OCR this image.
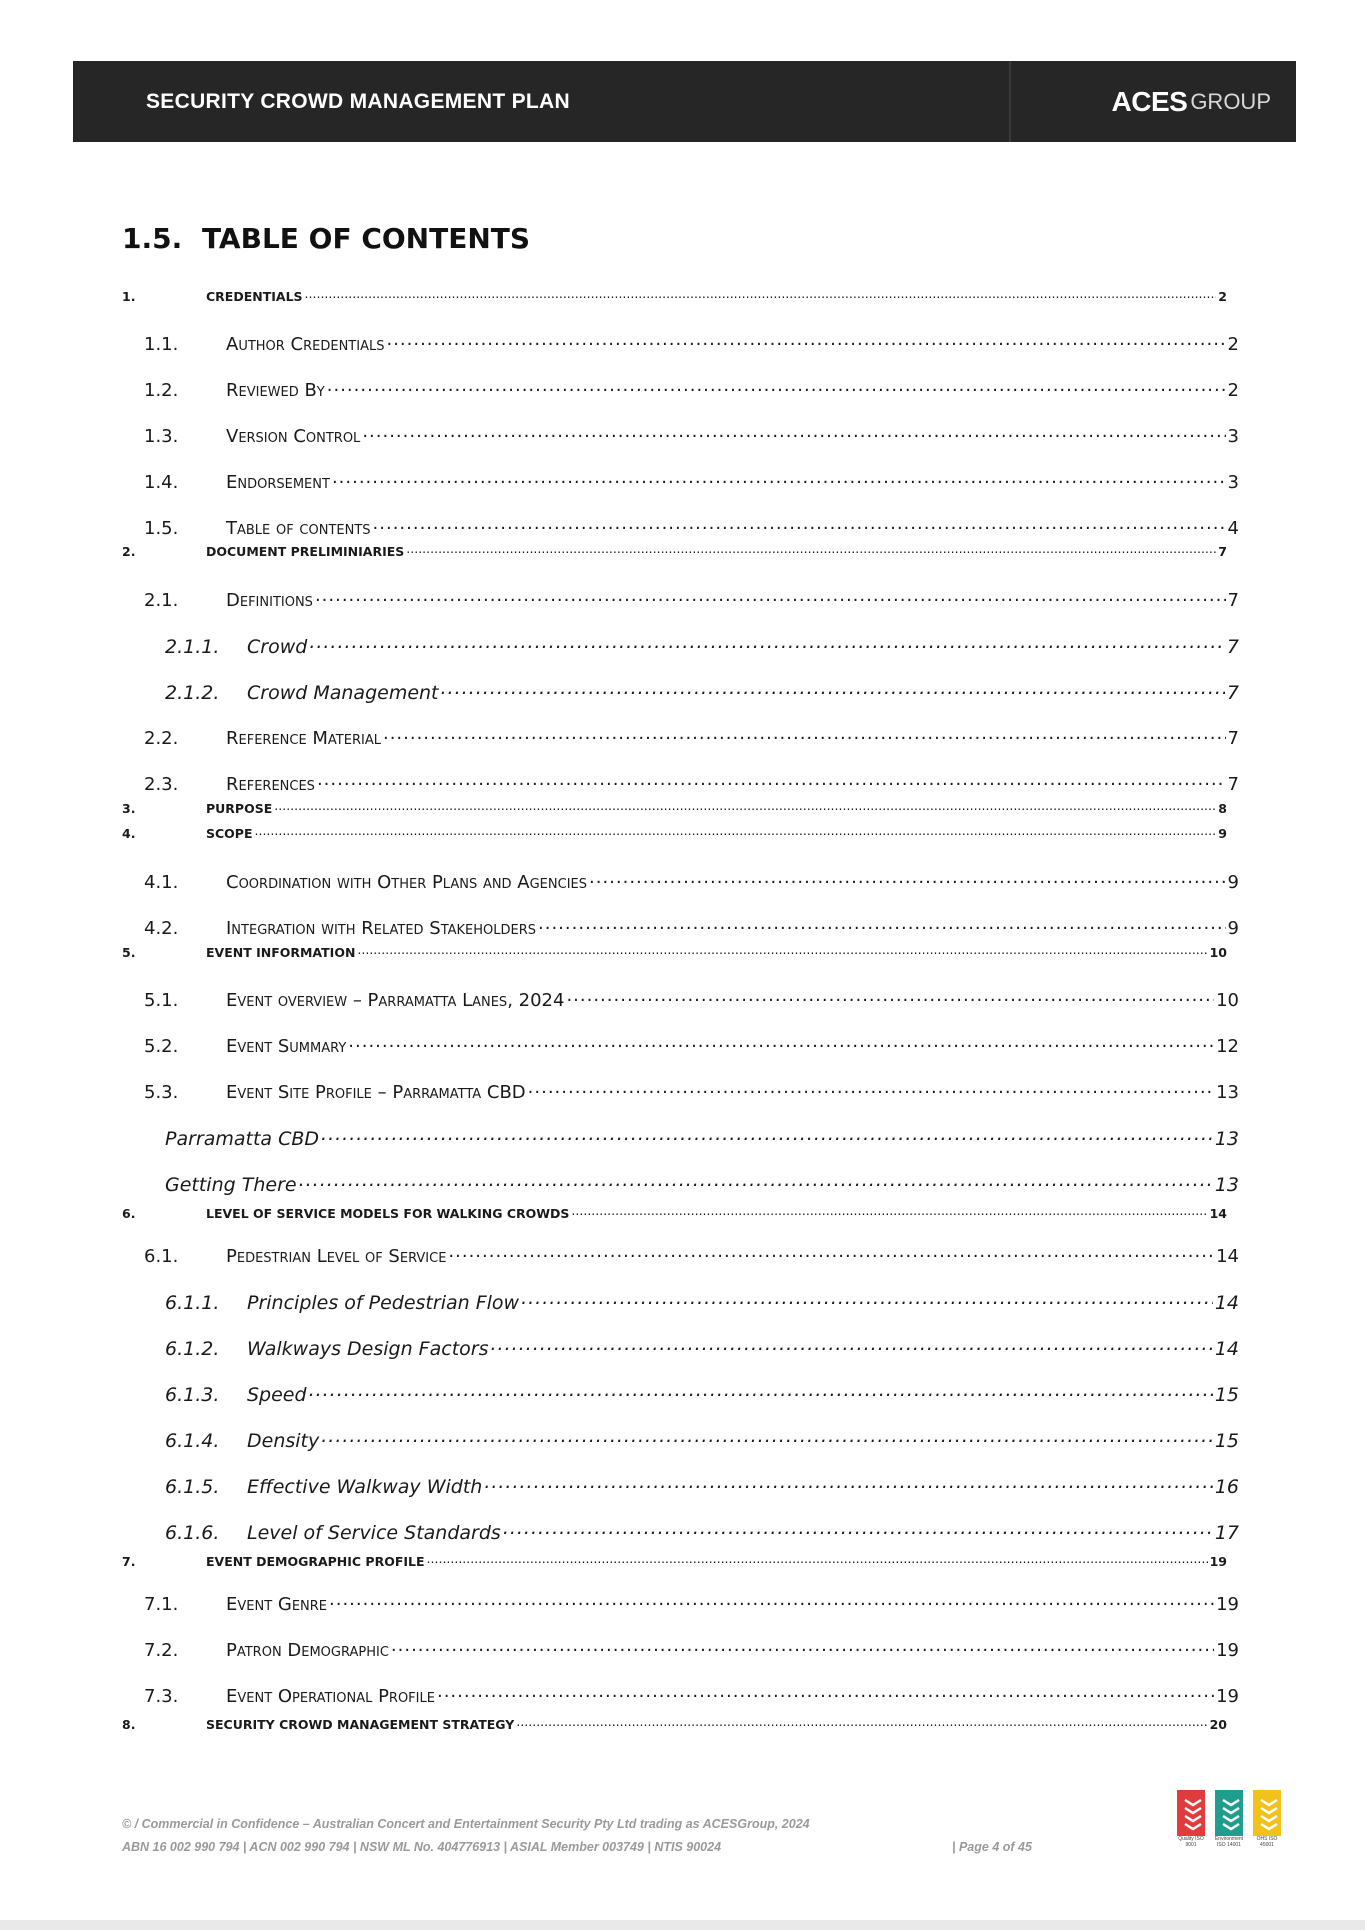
SECURITY CROWD MANAGEMENT PLAN	ACES GROUP
1.5. TABLE OF CONTENTS
1.	CREDENTIALS .....	2
1.1.	Author Credentials .....	2
1.2.	Reviewed By .....	2
1.3.	Version Control .....	3
1.4.	Endorsement .....	3
1.5.	Table of contents .....	4
2.	DOCUMENT PRELIMINIARIES .....	7
2.1.	Definitions .....	7
2.1.1.	Crowd .....	7
2.1.2.	Crowd Management .....	7
2.2.	Reference Material .....	7
2.3.	References .....	7
3.	PURPOSE .....	8
4.	SCOPE .....	9
4.1.	Coordination with Other Plans and Agencies .....	9
4.2.	Integration with Related Stakeholders .....	9
5.	EVENT INFORMATION .....	10
5.1.	Event overview – Parramatta Lanes, 2024 .....	10
5.2.	Event Summary .....	12
5.3.	Event Site Profile – Parramatta CBD .....	13
Parramatta CBD .....	13
Getting There .....	13
6.	LEVEL OF SERVICE MODELS FOR WALKING CROWDS .....	14
6.1.	Pedestrian Level of Service .....	14
6.1.1.	Principles of Pedestrian Flow .....	14
6.1.2.	Walkways Design Factors .....	14
6.1.3.	Speed .....	15
6.1.4.	Density .....	15
6.1.5.	Effective Walkway Width .....	16
6.1.6.	Level of Service Standards .....	17
7.	EVENT DEMOGRAPHIC PROFILE .....	19
7.1.	Event Genre .....	19
7.2.	Patron Demographic .....	19
7.3.	Event Operational Profile .....	19
8.	SECURITY CROWD MANAGEMENT STRATEGY .....	20
© / Commercial in Confidence – Australian Concert and Entertainment Security Pty Ltd trading as ACESGroup, 2024
ABN 16 002 990 794 | ACN 002 990 794 | NSW ML No. 404776913 | ASIAL Member 003749 | NTIS 90024	| Page 4 of 45
Quality ISO 9001
Environment ISO 14001
OHS ISO 45001
